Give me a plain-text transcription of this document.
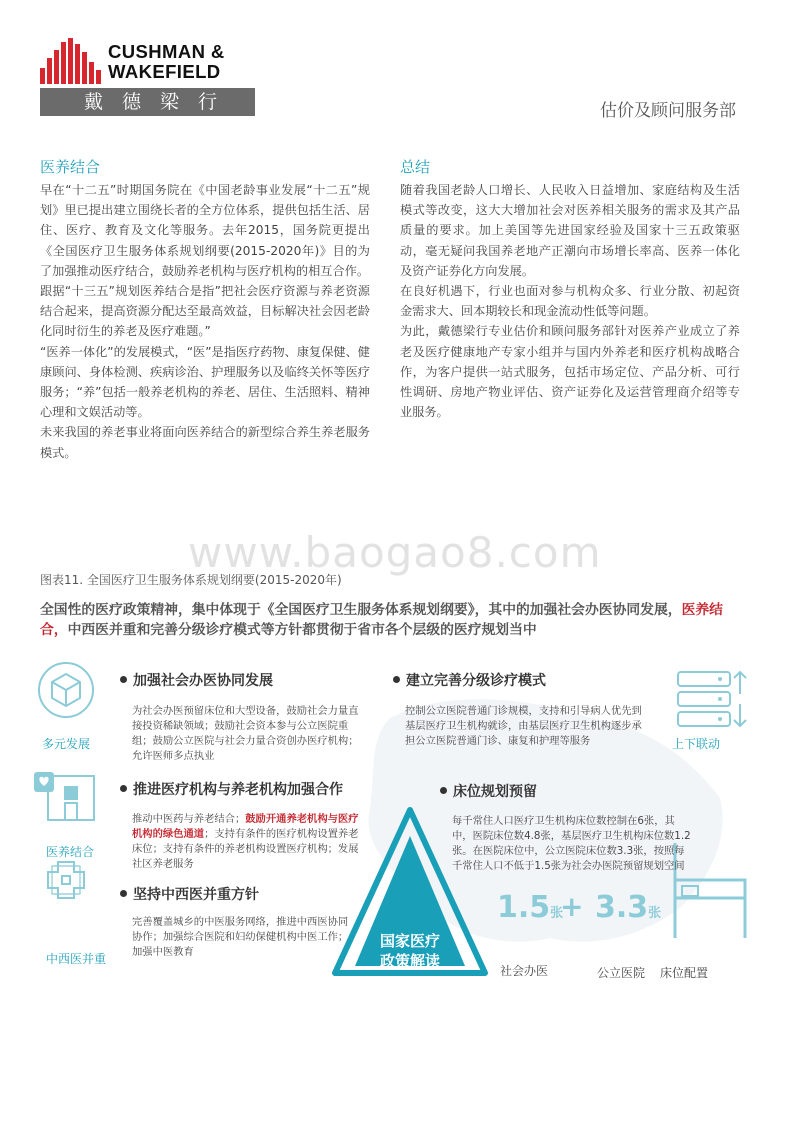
CUSHMAN &
WAKEFIELD
戴德梁行	估价及顾问服务部
医养结合

早在“十二五”时期国务院在《中国老龄事业发展“十二五”规划》里已提出建立围绕长者的全方位体系，提供包括生活、居住、医疗、教育及文化等服务。去年2015，国务院更提出《全国医疗卫生服务体系规划纲要(2015-2020年)》目的为了加强推动医疗结合，鼓励养老机构与医疗机构的相互合作。

跟据“十三五”规划医养结合是指”把社会医疗资源与养老资源结合起来，提高资源分配达至最高效益，目标解决社会因老龄化同时衍生的养老及医疗难题。”

“医养一体化”的发展模式，“医”是指医疗药物、康复保健、健康顾问、身体检测、疾病诊治、护理服务以及临终关怀等医疗服务；“养”包括一般养老机构的养老、居住、生活照料、精神心理和文娱活动等。

未来我国的养老事业将面向医养结合的新型综合养生养老服务模式。

总结

随着我国老龄人口增长、人民收入日益增加、家庭结构及生活模式等改变，这大大增加社会对医养相关服务的需求及其产品质量的要求。加上美国等先进国家经验及国家十三五政策驱动，毫无疑问我国养老地产正潮向市场增长率高、医养一体化及资产证券化方向发展。

在良好机遇下，行业也面对参与机构众多、行业分散、初起资金需求大、回本期较长和现金流动性低等问题。

为此，戴德梁行专业估价和顾问服务部针对医养产业成立了养老及医疗健康地产专家小组并与国内外养老和医疗机构战略合作，为客户提供一站式服务，包括市场定位、产品分析、可行性调研、房地产物业评估、资产证券化及运营管理商介绍等专业服务。

www.baogao8.com
图表11. 全国医疗卫生服务体系规划纲要(2015-2020年)
全国性的医疗政策精神，集中体现于《全国医疗卫生服务体系规划纲要》，其中的加强社会办医协同发展，医养结合，中西医并重和完善分级诊疗模式等方针都贯彻于省市各个层级的医疗规划当中
多元发展
医养结合
中西医并重
上下联动
加强社会办医协同发展
为社会办医预留床位和大型设备，鼓励社会力量直接投资稀缺领域；鼓励社会资本参与公立医院重组；鼓励公立医院与社会力量合资创办医疗机构；允许医师多点执业
推进医疗机构与养老机构加强合作
推动中医药与养老结合；鼓励开通养老机构与医疗机构的绿色通道；支持有条件的医疗机构设置养老床位；支持有条件的养老机构设置医疗机构；发展社区养老服务
坚持中西医并重方针
完善覆盖城乡的中医服务网络，推进中西医协同协作；加强综合医院和妇幼保健机构中医工作；加强中医教育
建立完善分级诊疗模式
控制公立医院普通门诊规模，支持和引导病人优先到基层医疗卫生机构就诊，由基层医疗卫生机构逐步承担公立医院普通门诊、康复和护理等服务
床位规划预留
每千常住人口医疗卫生机构床位数控制在6张，其中，医院床位数4.8张，基层医疗卫生机构床位数1.2张。在医院床位中，公立医院床位数3.3张，按照每千常住人口不低于1.5张为社会办医院预留规划空间
国家医疗
政策解读
1.5张
+ 3.3张
社会办医	公立医院 床位配置
